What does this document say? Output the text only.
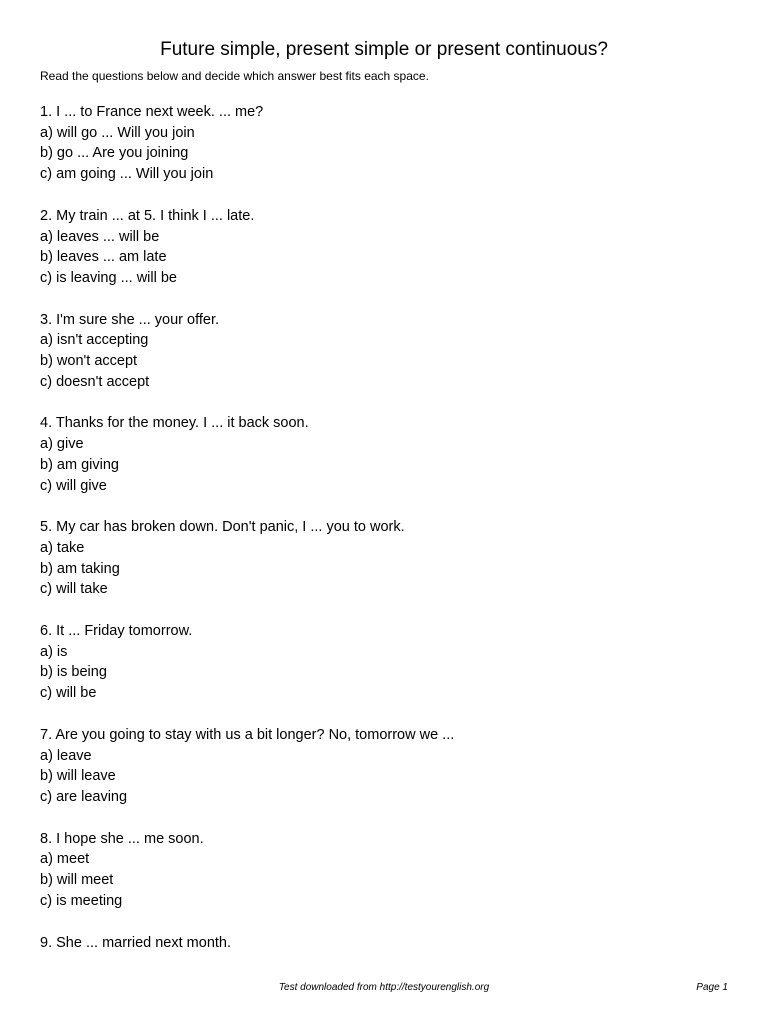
Future simple, present simple or present continuous?
Read the questions below and decide which answer best fits each space.
1. I ... to France next week. ... me?
a) will go ... Will you join
b) go ... Are you joining
c) am going ... Will you join
2. My train ... at 5. I think I ... late.
a) leaves ... will be
b) leaves ... am late
c) is leaving ... will be
3. I'm sure she ... your offer.
a) isn't accepting
b) won't accept
c) doesn't accept
4. Thanks for the money. I ... it back soon.
a) give
b) am giving
c) will give
5. My car has broken down. Don't panic, I ... you to work.
a) take
b) am taking
c) will take
6. It ... Friday tomorrow.
a) is
b) is being
c) will be
7. Are you going to stay with us a bit longer? No, tomorrow we ...
a) leave
b) will leave
c) are leaving
8. I hope she ... me soon.
a) meet
b) will meet
c) is meeting
9. She ... married next month.
Test downloaded from http://testyourenglish.org	Page 1
